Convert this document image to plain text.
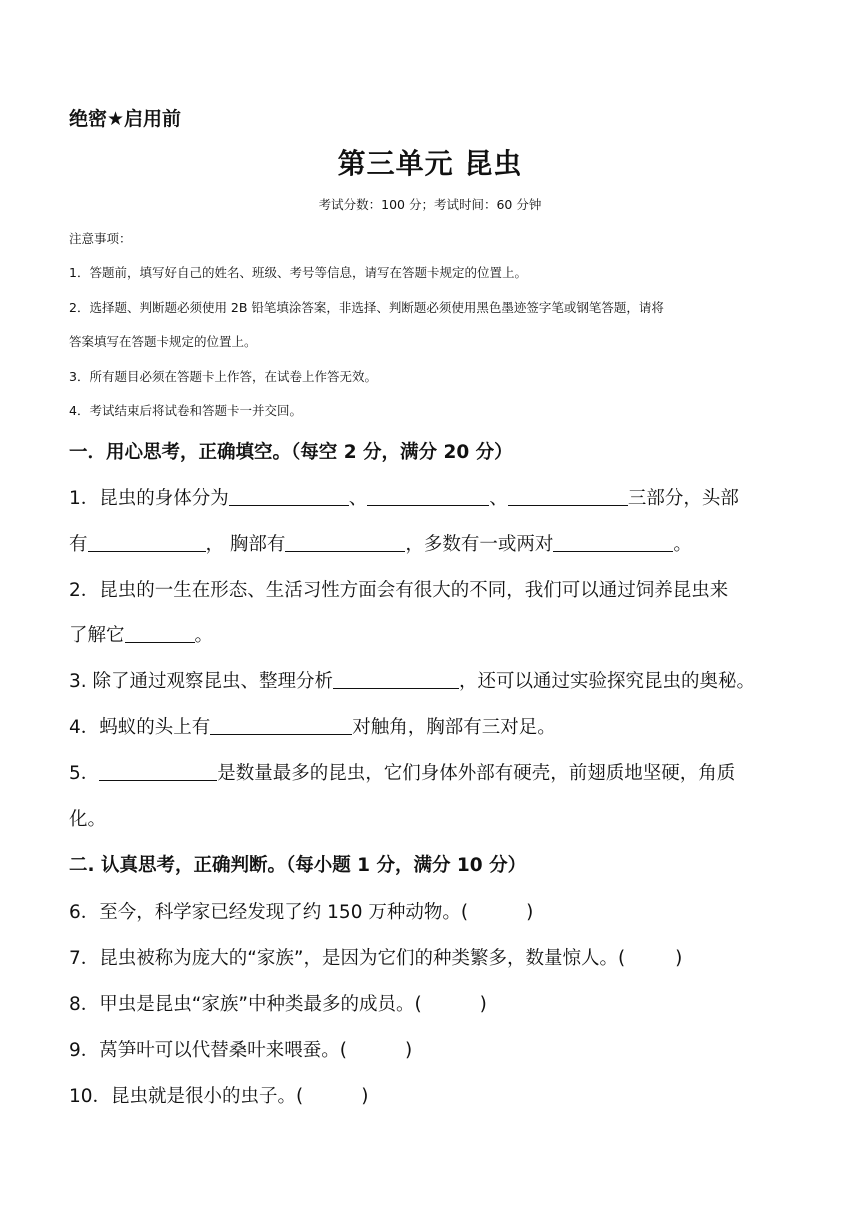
绝密★启用前
第三单元 昆虫
考试分数：100 分；考试时间：60 分钟
注意事项：
1．答题前，填写好自己的姓名、班级、考号等信息，请写在答题卡规定的位置上。
2．选择题、判断题必须使用 2B 铅笔填涂答案，非选择、判断题必须使用黑色墨迹签字笔或钢笔答题，请将
答案填写在答题卡规定的位置上。
3．所有题目必须在答题卡上作答，在试卷上作答无效。
4．考试结束后将试卷和答题卡一并交回。
一．用心思考，正确填空。（每空 2 分，满分 20 分）
1．昆虫的身体分为	、	、	三部分，头部
有	， 胸部有	，多数有一或两对	。
2．昆虫的一生在形态、生活习性方面会有很大的不同，我们可以通过饲养昆虫来
了解它	。
3. 除了通过观察昆虫、整理分析	，还可以通过实验探究昆虫的奥秘。
4．蚂蚁的头上有	对触角，胸部有三对足。
5．	是数量最多的昆虫，它们身体外部有硬壳，前翅质地坚硬，角质
化。
二. 认真思考，正确判断。（每小题 1 分，满分 10 分）
6．至今，科学家已经发现了约 150 万种动物。(	)
7．昆虫被称为庞大的“家族”，是因为它们的种类繁多，数量惊人。(	)
8．甲虫是昆虫“家族”中种类最多的成员。(	)
9．莴笋叶可以代替桑叶来喂蚕。(	)
10．昆虫就是很小的虫子。(	)
